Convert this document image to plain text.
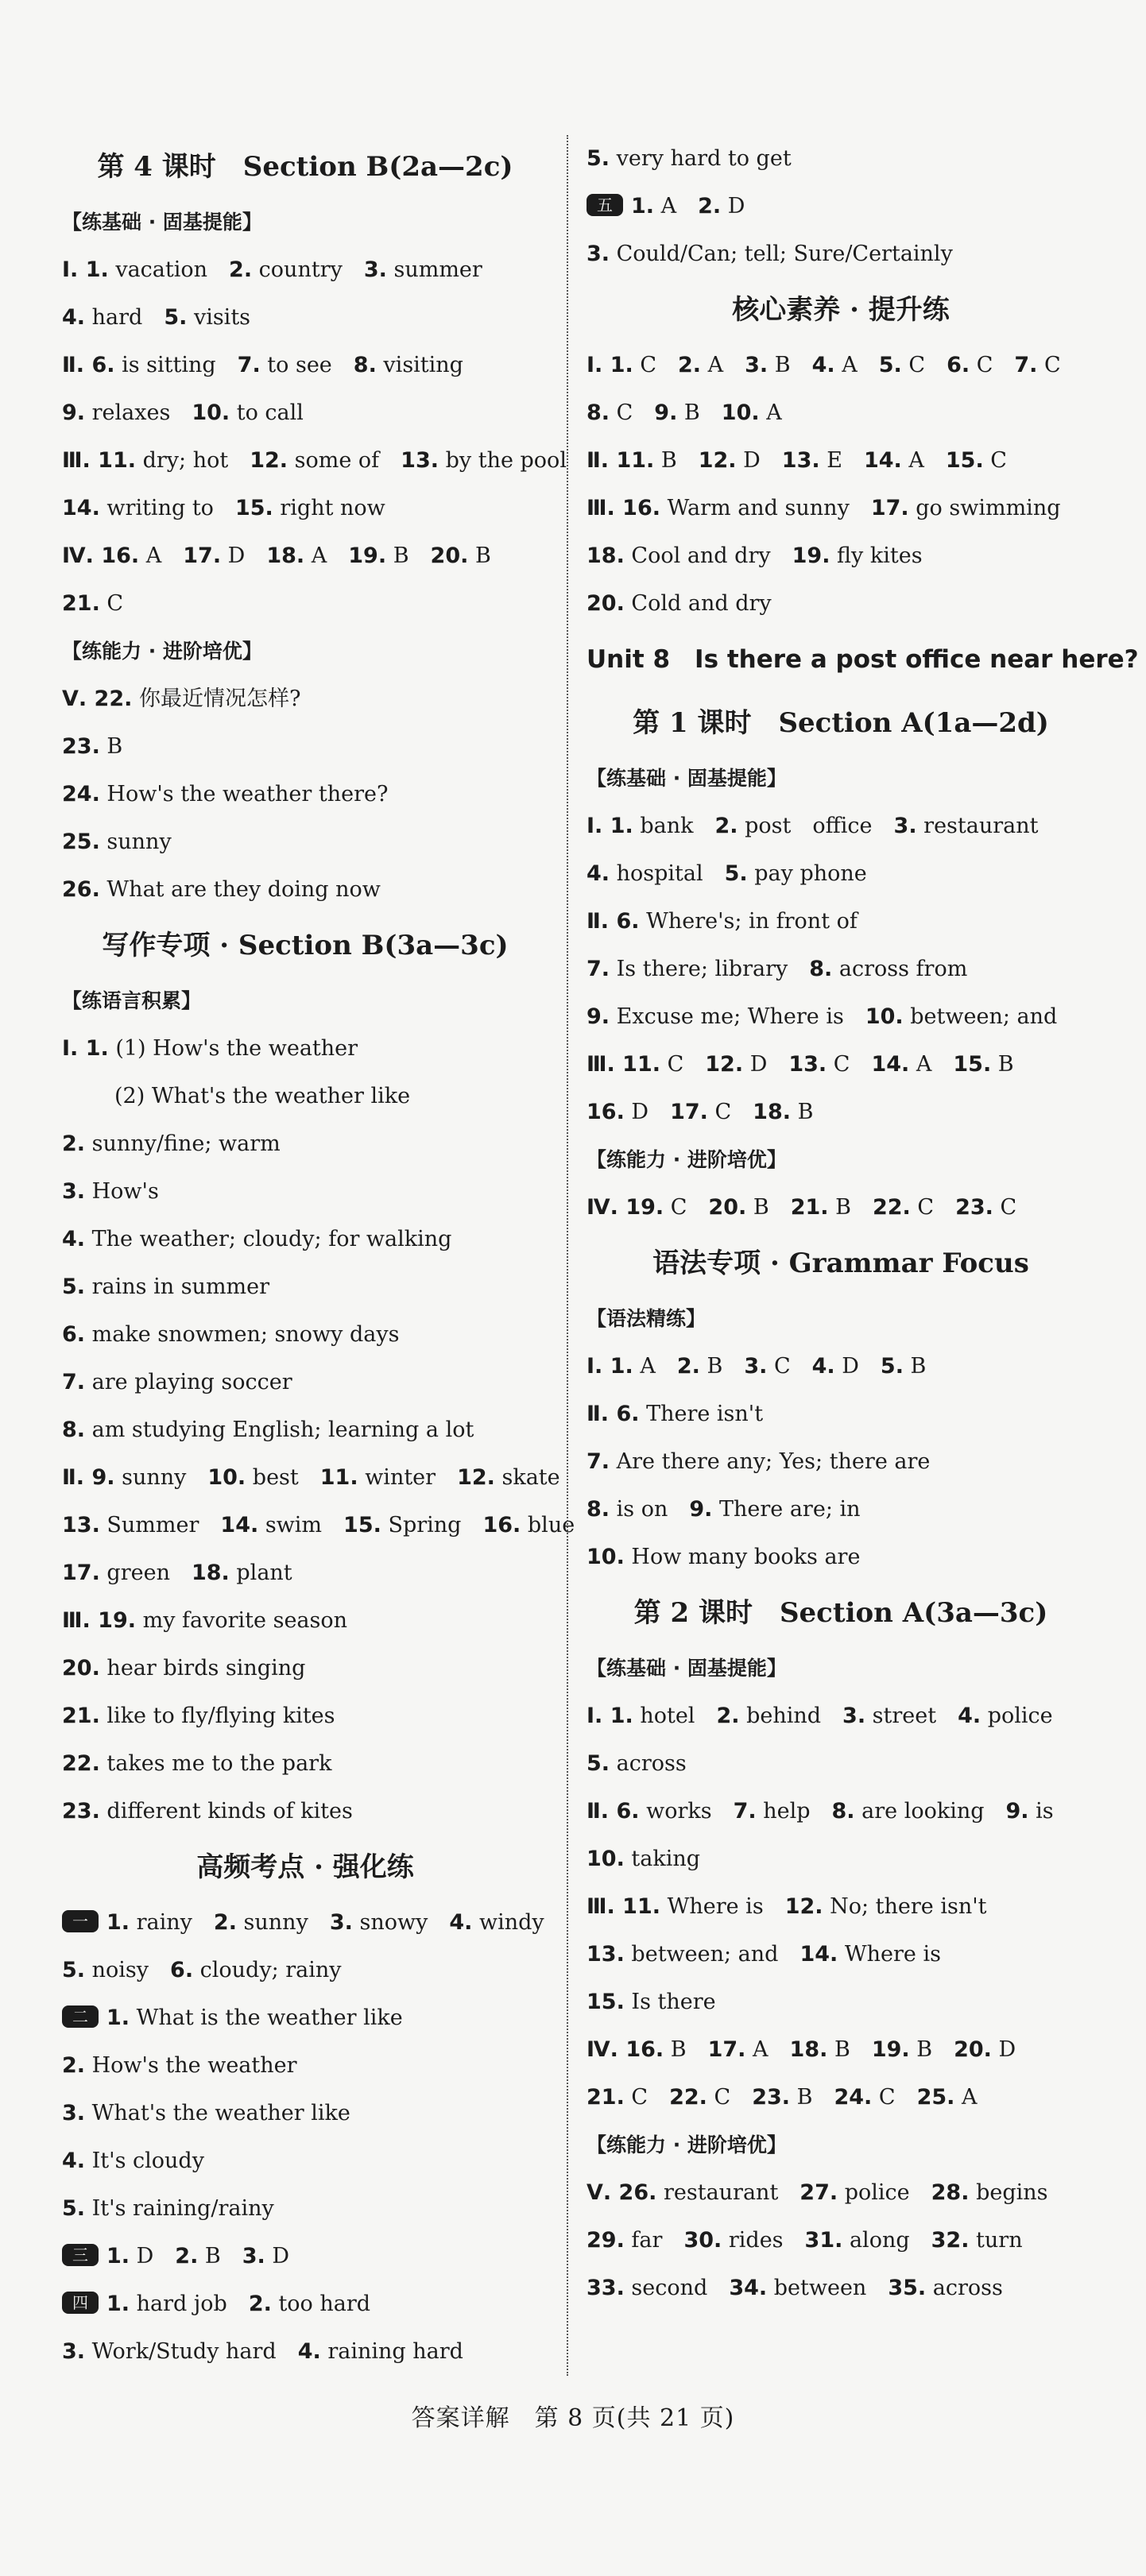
第 4 课时　Section B(2a—2c)
【练基础 · 固基提能】
Ⅰ. 1. vacation　2. country　3. summer
4. hard　5. visits
Ⅱ. 6. is sitting　7. to see　8. visiting
9. relaxes　10. to call
Ⅲ. 11. dry; hot　12. some of　13. by the pool
14. writing to　15. right now
Ⅳ. 16. A　17. D　18. A　19. B　20. B
21. C
【练能力 · 进阶培优】
Ⅴ. 22. 你最近情况怎样?
23. B
24. How's the weather there?
25. sunny
26. What are they doing now
写作专项 · Section B(3a—3c)
【练语言积累】
Ⅰ. 1. (1) How's the weather
(2) What's the weather like
2. sunny/fine; warm
3. How's
4. The weather; cloudy; for walking
5. rains in summer
6. make snowmen; snowy days
7. are playing soccer
8. am studying English; learning a lot
Ⅱ. 9. sunny　10. best　11. winter　12. skate
13. Summer　14. swim　15. Spring　16. blue
17. green　18. plant
Ⅲ. 19. my favorite season
20. hear birds singing
21. like to fly/flying kites
22. takes me to the park
23. different kinds of kites
高频考点 · 强化练
一 1. rainy　2. sunny　3. snowy　4. windy
5. noisy　6. cloudy; rainy
二 1. What is the weather like
2. How's the weather
3. What's the weather like
4. It's cloudy
5. It's raining/rainy
三 1. D　2. B　3. D
四 1. hard job　2. too hard
3. Work/Study hard　4. raining hard
5. very hard to get
五 1. A　2. D
3. Could/Can; tell; Sure/Certainly
核心素养 · 提升练
Ⅰ. 1. C　2. A　3. B　4. A　5. C　6. C　7. C
8. C　9. B　10. A
Ⅱ. 11. B　12. D　13. E　14. A　15. C
Ⅲ. 16. Warm and sunny　17. go swimming
18. Cool and dry　19. fly kites
20. Cold and dry
Unit 8　Is there a post office near here?
第 1 课时　Section A(1a—2d)
【练基础 · 固基提能】
Ⅰ. 1. bank　2. post　office　3. restaurant
4. hospital　5. pay phone
Ⅱ. 6. Where's; in front of
7. Is there; library　8. across from
9. Excuse me; Where is　10. between; and
Ⅲ. 11. C　12. D　13. C　14. A　15. B
16. D　17. C　18. B
【练能力 · 进阶培优】
Ⅳ. 19. C　20. B　21. B　22. C　23. C
语法专项 · Grammar Focus
【语法精练】
Ⅰ. 1. A　2. B　3. C　4. D　5. B
Ⅱ. 6. There isn't
7. Are there any; Yes; there are
8. is on　9. There are; in
10. How many books are
第 2 课时　Section A(3a—3c)
【练基础 · 固基提能】
Ⅰ. 1. hotel　2. behind　3. street　4. police
5. across
Ⅱ. 6. works　7. help　8. are looking　9. is
10. taking
Ⅲ. 11. Where is　12. No; there isn't
13. between; and　14. Where is
15. Is there
Ⅳ. 16. B　17. A　18. B　19. B　20. D
21. C　22. C　23. B　24. C　25. A
【练能力 · 进阶培优】
Ⅴ. 26. restaurant　27. police　28. begins
29. far　30. rides　31. along　32. turn
33. second　34. between　35. across
答案详解　第 8 页(共 21 页)
